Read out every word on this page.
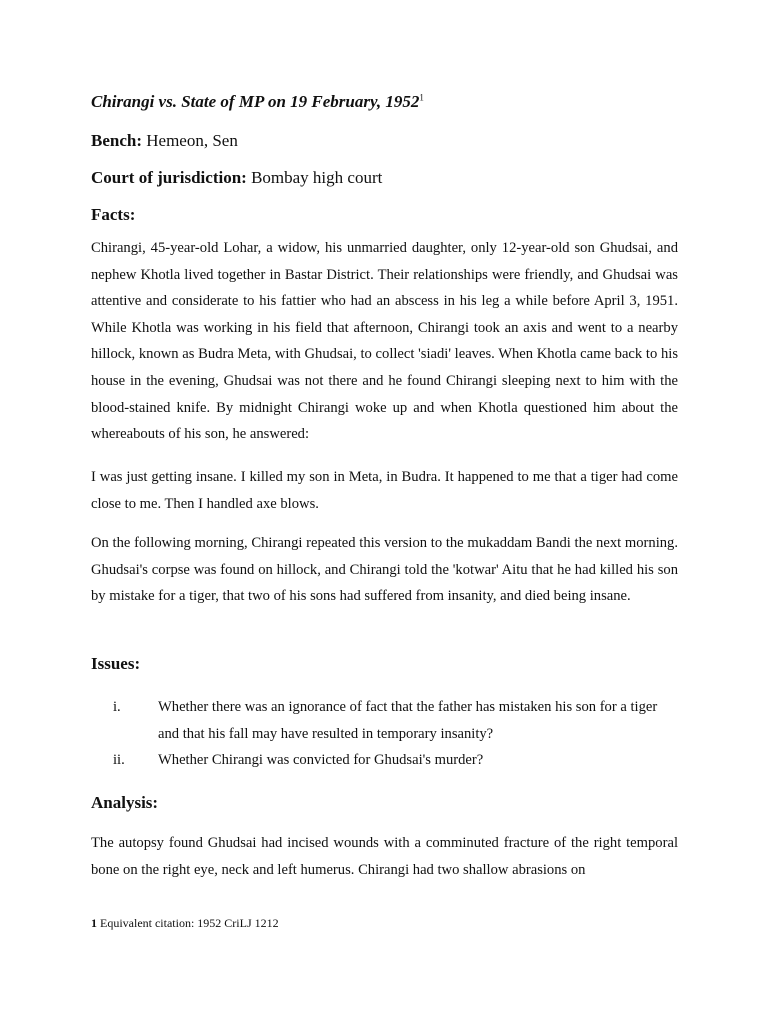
Chirangi vs. State of MP on 19 February, 1952$^1$

Bench: Hemeon, Sen

Court of jurisdiction: Bombay high court

Facts:

Chirangi, 45-year-old Lohar, a widow, his unmarried daughter, only 12-year-old son Ghudsai, and nephew Khotla lived together in Bastar District. Their relationships were friendly, and Ghudsai was attentive and considerate to his fattier who had an abscess in his leg a while before April 3, 1951. While Khotla was working in his field that afternoon, Chirangi took an axis and went to a nearby hillock, known as Budra Meta, with Ghudsai, to collect 'siadi' leaves. When Khotla came back to his house in the evening, Ghudsai was not there and he found Chirangi sleeping next to him with the blood-stained knife. By midnight Chirangi woke up and when Khotla questioned him about the whereabouts of his son, he answered:

I was just getting insane. I killed my son in Meta, in Budra. It happened to me that a tiger had come close to me. Then I handled axe blows.

On the following morning, Chirangi repeated this version to the mukaddam Bandi the next morning. Ghudsai's corpse was found on hillock, and Chirangi told the 'kotwar' Aitu that he had killed his son by mistake for a tiger, that two of his sons had suffered from insanity, and died being insane.

Issues:

i.	Whether there was an ignorance of fact that the father has mistaken his son for a tiger and that his fall may have resulted in temporary insanity?
ii.	Whether Chirangi was convicted for Ghudsai's murder?

Analysis:

The autopsy found Ghudsai had incised wounds with a comminuted fracture of the right temporal bone on the right eye, neck and left humerus. Chirangi had two shallow abrasions on

1 Equivalent citation: 1952 CriLJ 1212
